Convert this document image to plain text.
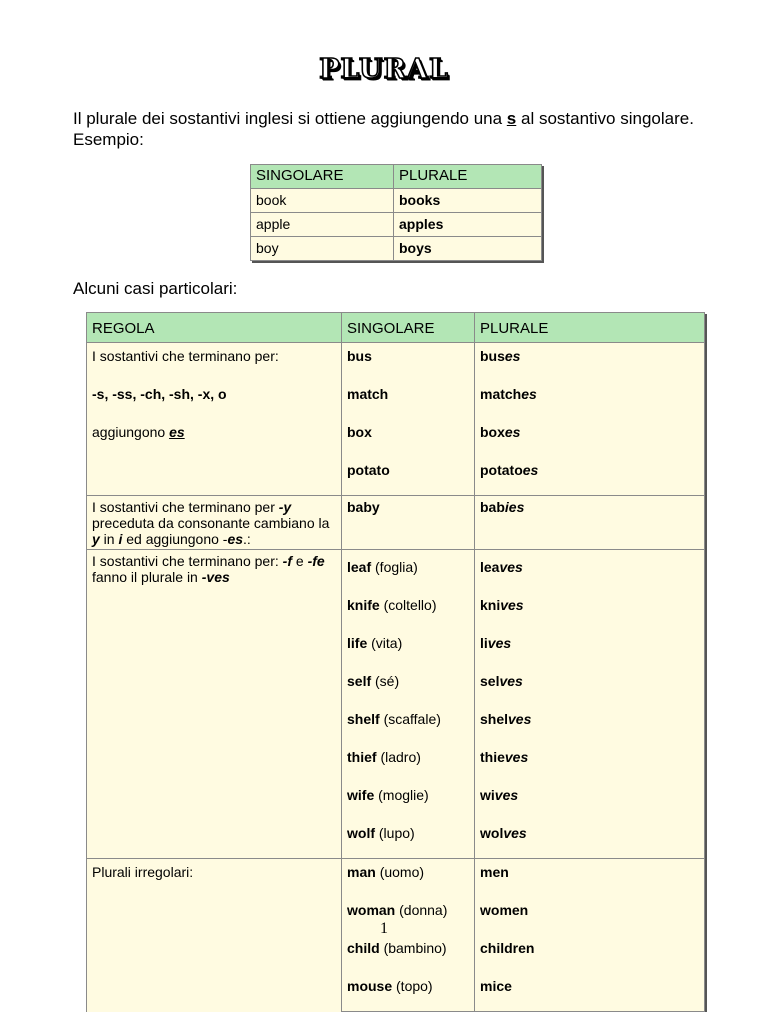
PLURAL
Il plurale dei sostantivi inglesi si ottiene aggiungendo una s al sostantivo singolare. Esempio:
SINGOLARE	PLURALE
book	books
apple	apples
boy	boys
Alcuni casi particolari:
REGOLA	SINGOLARE	PLURALE
I sostantivi che terminano per:	bus	buses
-s, -ss, -ch, -sh, -x, o	match	matches
aggiungono es	box	boxes
	potato	potatoes
I sostantivi che terminano per -y preceduta da consonante cambiano la y in i ed aggiungono -es.:	baby	babies
I sostantivi che terminano per: -f e -fe fanno il plurale in -ves	leaf (foglia)	leaves
	knife (coltello)	knives
	life (vita)	lives
	self (sé)	selves
	shelf (scaffale)	shelves
	thief (ladro)	thieves
	wife (moglie)	wives
	wolf (lupo)	wolves
Plurali irregolari:	man (uomo)	men
	woman (donna)	women
	child (bambino)	children
	mouse (topo)	mice
1
